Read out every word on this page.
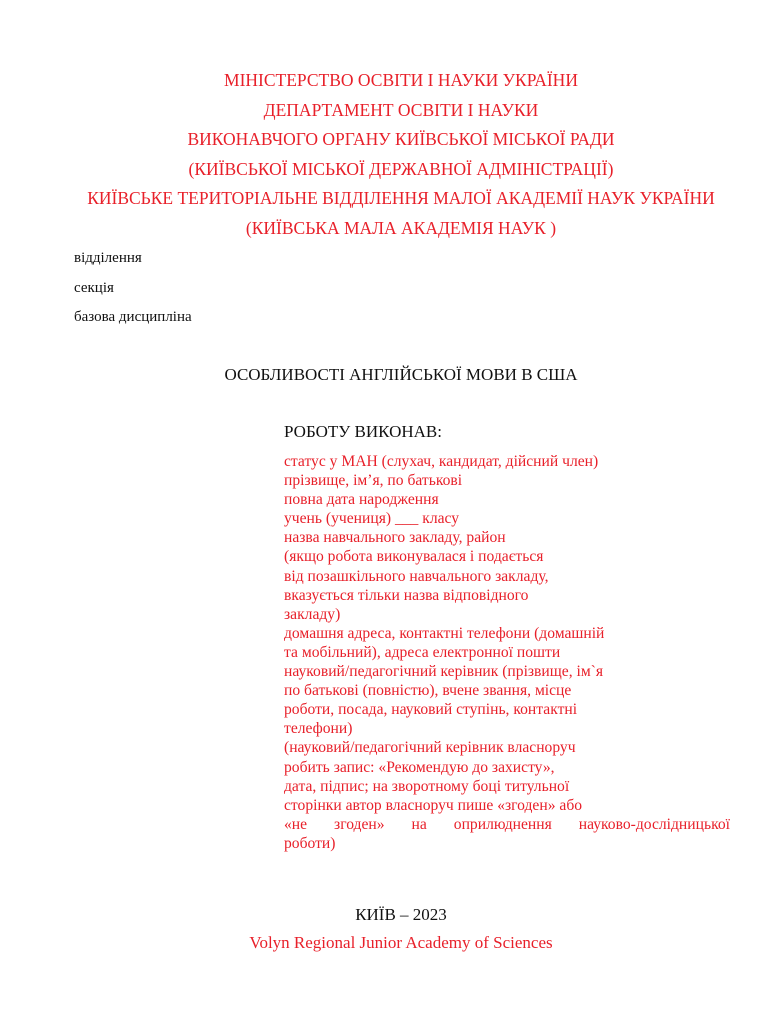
МІНІСТЕРСТВО ОСВІТИ І НАУКИ УКРАЇНИ
ДЕПАРТАМЕНТ ОСВІТИ І НАУКИ
ВИКОНАВЧОГО ОРГАНУ КИЇВСЬКОЇ МІСЬКОЇ РАДИ
(КИЇВСЬКОЇ МІСЬКОЇ ДЕРЖАВНОЇ АДМІНІСТРАЦІЇ)
КИЇВСЬКЕ ТЕРИТОРІАЛЬНЕ ВІДДІЛЕННЯ МАЛОЇ АКАДЕМІЇ НАУК УКРАЇНИ
(КИЇВСЬКА МАЛА АКАДЕМІЯ НАУК )
відділення
секція
базова дисципліна
ОСОБЛИВОСТІ АНГЛІЙСЬКОЇ МОВИ В США
РОБОТУ ВИКОНАВ:
статус у МАН (слухач, кандидат, дійсний член)
прізвище, ім’я, по батькові
повна дата народження
учень (учениця) ___ класу
назва навчального закладу, район
(якщо робота виконувалася і подається
від позашкільного навчального закладу,
вказується тільки назва відповідного
закладу)
домашня адреса, контактні телефони (домашній
та мобільний), адреса електронної пошти
науковий/педагогічний керівник (прізвище, ім`я
по батькові (повністю), вчене звання, місце
роботи, посада, науковий ступінь, контактні
телефони)
(науковий/педагогічний керівник власноруч
робить запис: «Рекомендую до захисту»,
дата, підпис; на зворотному боці титульної
сторінки автор власноруч пише «згоден» або
«не згоден» на оприлюднення науково-дослідницької
роботи)
КИЇВ – 2023
Volyn Regional Junior Academy of Sciences
